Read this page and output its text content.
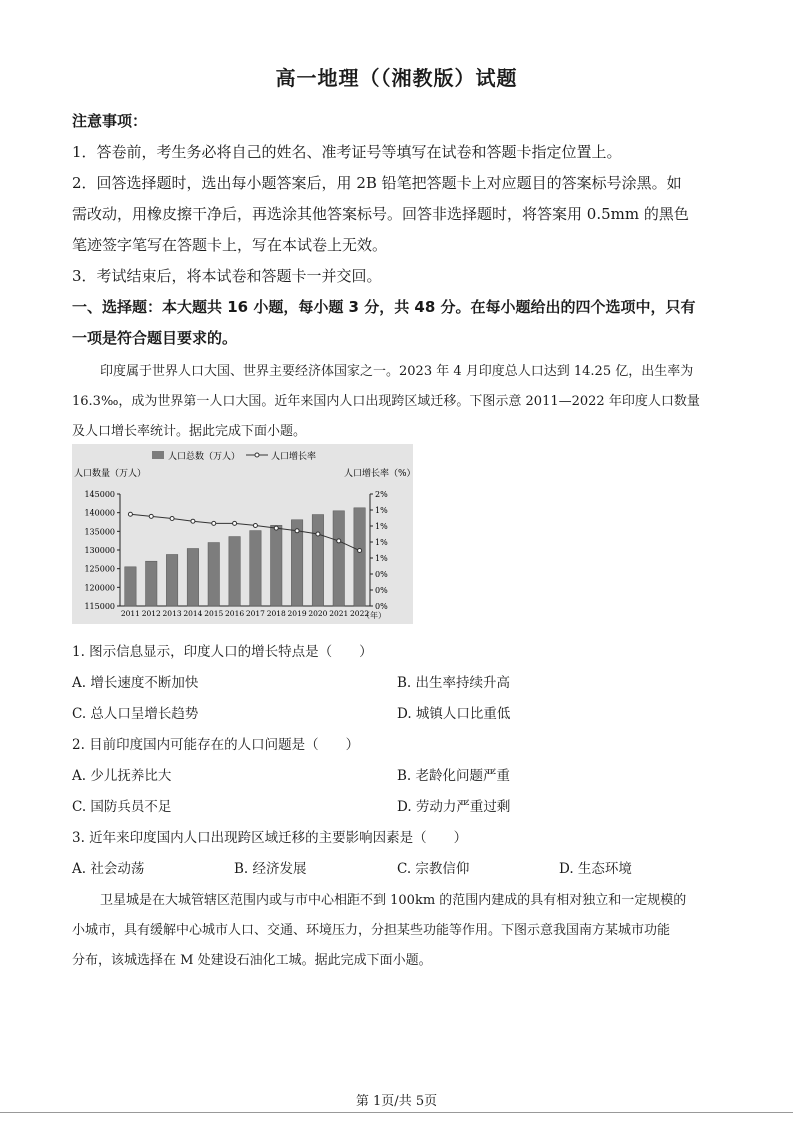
高一地理（（湘教版）试题
注意事项：
1．答卷前，考生务必将自己的姓名、准考证号等填写在试卷和答题卡指定位置上。
2．回答选择题时，选出每小题答案后，用 2B 铅笔把答题卡上对应题目的答案标号涂黑。如
需改动，用橡皮擦干净后，再选涂其他答案标号。回答非选择题时，将答案用 0.5mm 的黑色
笔迹签字笔写在答题卡上，写在本试卷上无效。
3．考试结束后，将本试卷和答题卡一并交回。
一、选择题：本大题共 16 小题，每小题 3 分，共 48 分。在每小题给出的四个选项中，只有
一项是符合题目要求的。
印度属于世界人口大国、世界主要经济体国家之一。2023 年 4 月印度总人口达到 14.25 亿，出生率为
16.3‰，成为世界第一人口大国。近年来国内人口出现跨区域迁移。下图示意 2011—2022 年印度人口数量
及人口增长率统计。据此完成下面小题。
人口总数（万人）	人口增长率
人口数量（万人）	人口增长率（%）
（年）
115000
120000
125000
130000
135000
140000
145000
0%
0%
0%
1%
1%
1%
1%
2%
2011 2012 2013 2014 2015 2016 2017 2018 2019 2020 2021 2022
1. 图示信息显示，印度人口的增长特点是（　　）
A. 增长速度不断加快	B. 出生率持续升高
C. 总人口呈增长趋势	D. 城镇人口比重低
2. 目前印度国内可能存在的人口问题是（　　）
A. 少儿抚养比大	B. 老龄化问题严重
C. 国防兵员不足	D. 劳动力严重过剩
3. 近年来印度国内人口出现跨区域迁移的主要影响因素是（　　）
A. 社会动荡	B. 经济发展	C. 宗教信仰	D. 生态环境
卫星城是在大城管辖区范围内或与市中心相距不到 100km 的范围内建成的具有相对独立和一定规模的
小城市，具有缓解中心城市人口、交通、环境压力，分担某些功能等作用。下图示意我国南方某城市功能
分布，该城选择在 M 处建设石油化工城。据此完成下面小题。
第 1页/共 5页
